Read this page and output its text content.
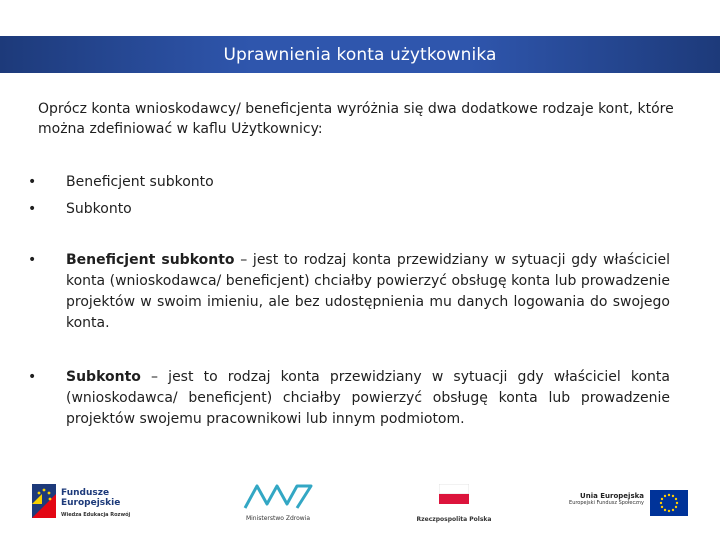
Uprawnienia konta użytkownika
Oprócz konta wnioskodawcy/ beneficjenta wyróżnia się dwa dodatkowe rodzaje kont, które można zdefiniować w kaflu Użytkownicy:

• Beneficjent subkonto

• Subkonto

• Beneficjent subkonto – jest to rodzaj konta przewidziany w sytuacji gdy właściciel konta (wnioskodawca/ beneficjent) chciałby powierzyć obsługę konta lub prowadzenie projektów w swoim imieniu, ale bez udostępnienia mu danych logowania do swojego konta.

• Subkonto – jest to rodzaj konta przewidziany w sytuacji gdy właściciel konta (wnioskodawca/ beneficjent) chciałby powierzyć obsługę konta lub prowadzenie projektów swojemu pracownikowi lub innym podmiotom.

Fundusze
Europejskie
Wiedza Edukacja Rozwój	Ministerstwo Zdrowia	Rzeczpospolita Polska
Unia Europejska
Europejski Fundusz Społeczny
